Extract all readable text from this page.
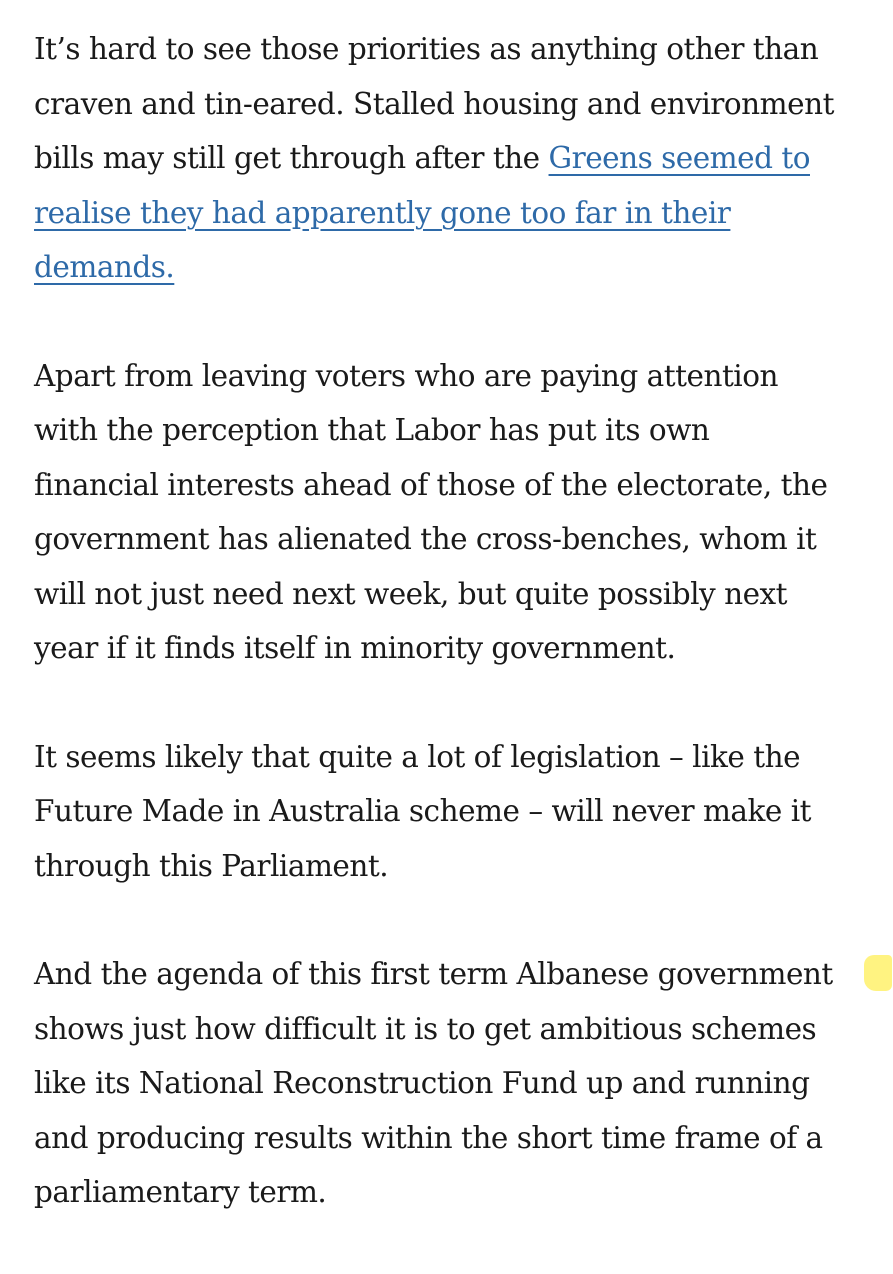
It’s hard to see those priorities as anything other than
craven and tin-eared. Stalled housing and environment
bills may still get through after the Greens seemed to
realise they had apparently gone too far in their
demands.

Apart from leaving voters who are paying attention
with the perception that Labor has put its own
financial interests ahead of those of the electorate, the
government has alienated the cross-benches, whom it
will not just need next week, but quite possibly next
year if it finds itself in minority government.

It seems likely that quite a lot of legislation – like the
Future Made in Australia scheme – will never make it
through this Parliament.

And the agenda of this first term Albanese government
shows just how difficult it is to get ambitious schemes
like its National Reconstruction Fund up and running
and producing results within the short time frame of a
parliamentary term.
